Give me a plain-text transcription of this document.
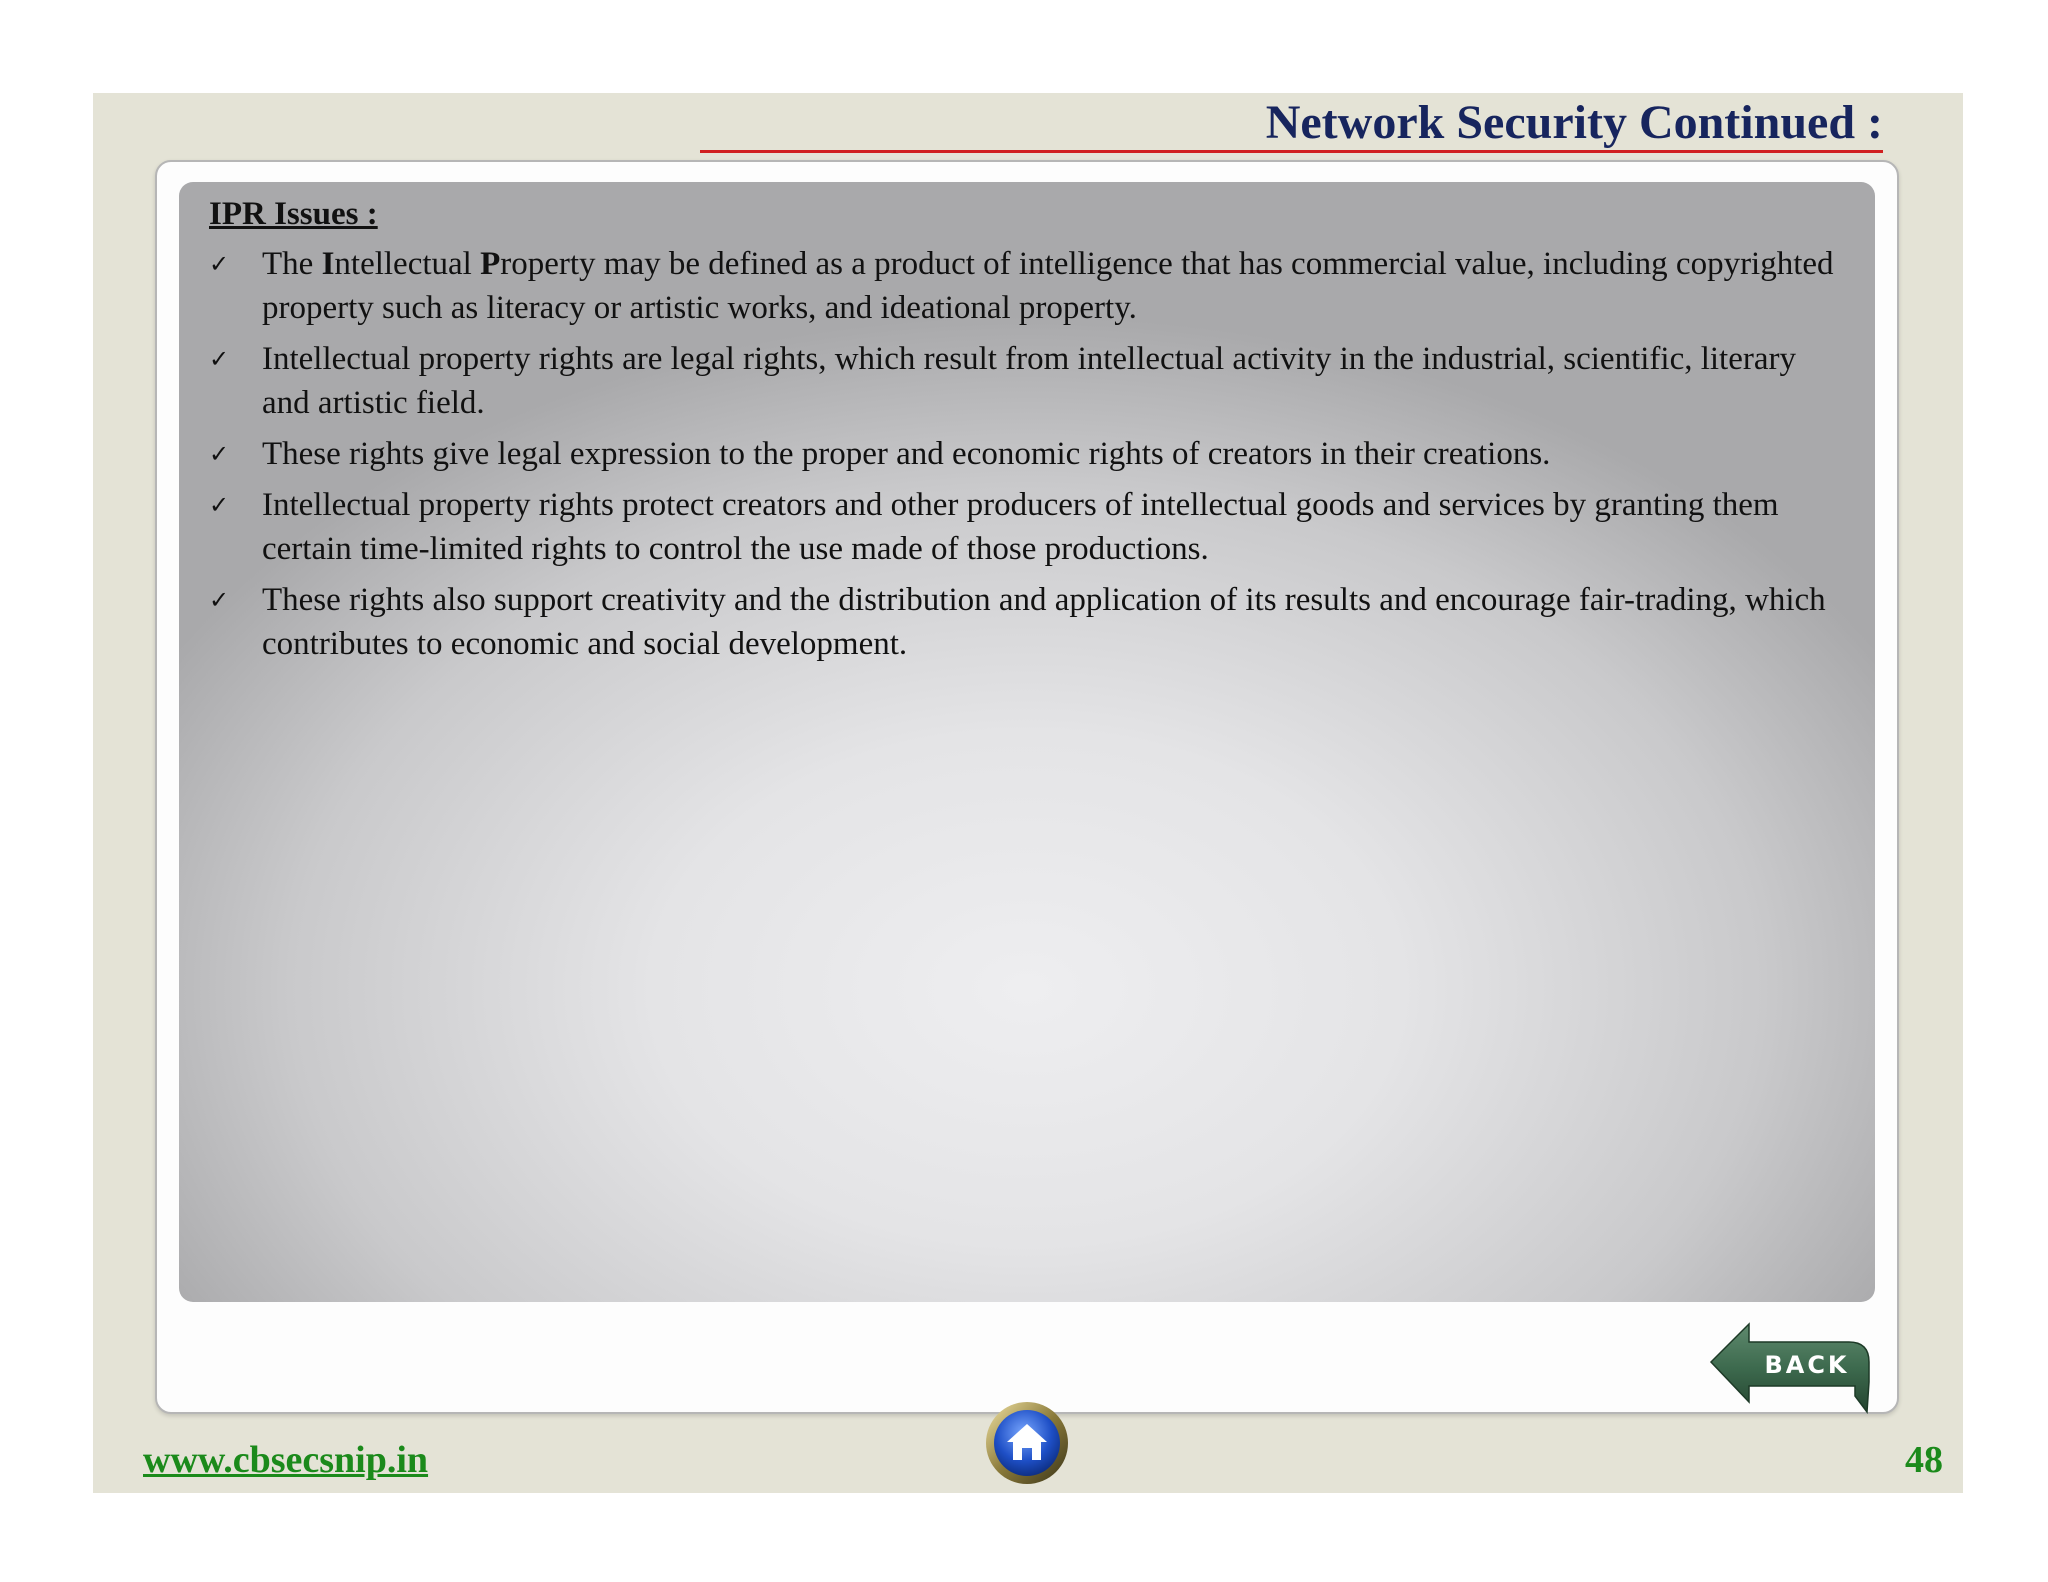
Network Security Continued :
IPR Issues :
✓ The Intellectual Property may be defined as a product of intelligence that has commercial value, including copyrighted property such as literacy or artistic works, and ideational property.
✓ Intellectual property rights are legal rights, which result from intellectual activity in the industrial, scientific, literary and artistic field.
✓ These rights give legal expression to the proper and economic rights of creators in their creations.
✓ Intellectual property rights protect creators and other producers of intellectual goods and services by granting them certain time-limited rights to control the use made of those productions.
✓ These rights also support creativity and the distribution and application of its results and encourage fair-trading, which contributes to economic and social development.
BACK
www.cbsecsnip.in	48
